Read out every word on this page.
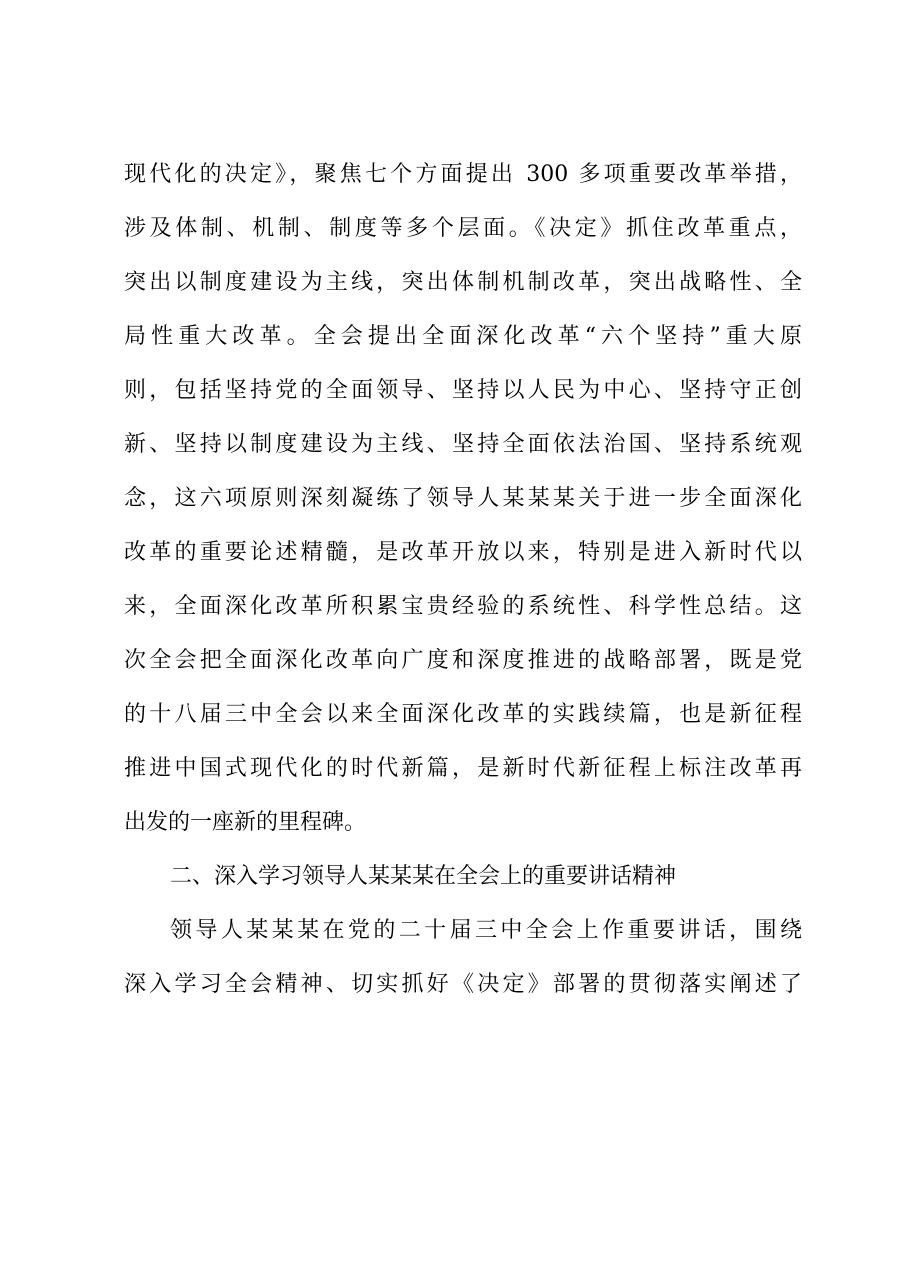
现代化的决定》，聚焦七个方面提出 300 多项重要改革举措，
涉及体制、机制、制度等多个层面。《决定》抓住改革重点，
突出以制度建设为主线，突出体制机制改革，突出战略性、全
局性重大改革。全会提出全面深化改革“六个坚持”重大原
则，包括坚持党的全面领导、坚持以人民为中心、坚持守正创
新、坚持以制度建设为主线、坚持全面依法治国、坚持系统观
念，这六项原则深刻凝练了领导人某某某关于进一步全面深化
改革的重要论述精髓，是改革开放以来，特别是进入新时代以
来，全面深化改革所积累宝贵经验的系统性、科学性总结。这
次全会把全面深化改革向广度和深度推进的战略部署，既是党
的十八届三中全会以来全面深化改革的实践续篇，也是新征程
推进中国式现代化的时代新篇，是新时代新征程上标注改革再
出发的一座新的里程碑。
二、深入学习领导人某某某在全会上的重要讲话精神
领导人某某某在党的二十届三中全会上作重要讲话，围绕
深入学习全会精神、切实抓好《决定》部署的贯彻落实阐述了
